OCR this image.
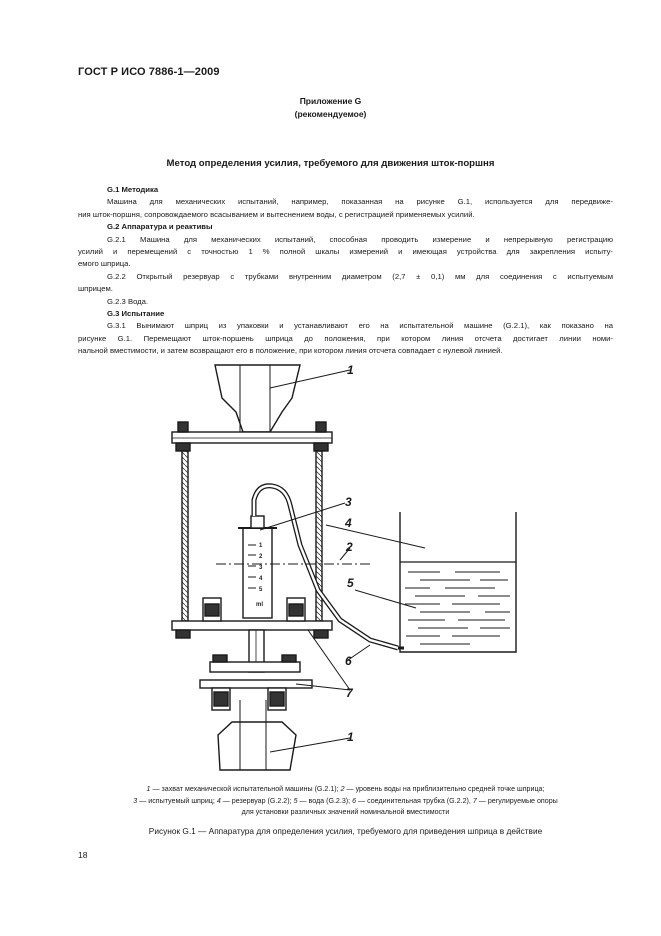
ГОСТ Р ИСО 7886-1—2009
Приложение G
(рекомендуемое)
Метод определения усилия, требуемого для движения шток-поршня
G.1 Методика
Машина для механических испытаний, например, показанная на рисунке G.1, используется для передвиже-
ния шток-поршня, сопровождаемого всасыванием и вытеснением воды, с регистрацией применяемых усилий.
G.2 Аппаратура и реактивы
G.2.1 Машина для механических испытаний, способная проводить измерение и непрерывную регистрацию
усилий и перемещений с точностью 1 % полной шкалы измерений и имеющая устройства для закрепления испыту-
емого шприца.
G.2.2 Открытый резервуар с трубками внутренним диаметром (2,7 ± 0,1) мм для соединения с испытуемым
шприцем.
G.2.3 Вода.
G.3 Испытание
G.3.1 Вынимают шприц из упаковки и устанавливают его на испытательной машине (G.2.1), как показано на
рисунке G.1. Перемещают шток-поршень шприца до положения, при котором линия отсчета достигает линии номи-
нальной вместимости, и затем возвращают его в положение, при котором линия отсчета совпадает с нулевой линией.
1
2
3
4
5
ml
1
2
3
4
5
6
7
1
1 — захват механической испытательной машины (G.2.1); 2 — уровень воды на приблизительно средней точке шприца;
3 — испытуемый шприц; 4 — резервуар (G.2.2); 5 — вода (G.2.3); 6 — соединительная трубка (G.2.2), 7 — регулируемые опоры
для установки различных значений номинальной вместимости
Рисунок G.1 — Аппаратура для определения усилия, требуемого для приведения шприца в действие
18
